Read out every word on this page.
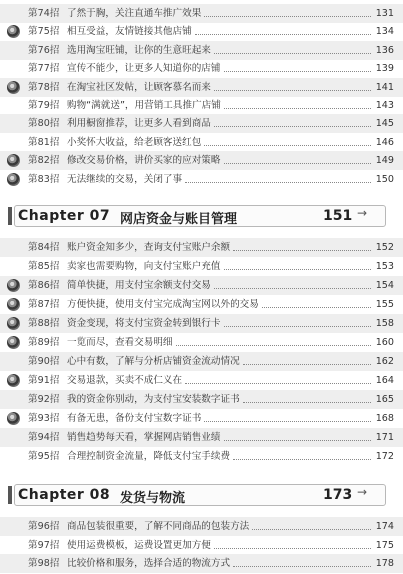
第74招 了然于胸，关注直通车推广效果	131
第75招 相互受益，友情链接其他店铺	134
第76招 选用淘宝旺铺，让你的生意旺起来	136
第77招 宣传不能少，让更多人知道你的店铺	139
第78招 在淘宝社区发帖，让顾客慕名而来	141
第79招 购物“满就送”，用营销工具推广店铺	143
第80招 利用橱窗推荐，让更多人看到商品	145
第81招 小奖怀大收益，给老顾客送红包	146
第82招 修改交易价格，讲价买家的应对策略	149
第83招 无法继续的交易，关闭了事	150
Chapter 07 网店资金与账目管理	151 →
第84招 账户资金知多少，查询支付宝账户余额	152
第85招 卖家也需要购物，向支付宝账户充值	153
第86招 简单快捷，用支付宝余额支付交易	154
第87招 方便快捷，使用支付宝完成淘宝网以外的交易	155
第88招 资金变现，将支付宝资金转到银行卡	158
第89招 一览而尽，查看交易明细	160
第90招 心中有数，了解与分析店铺资金流动情况	162
第91招 交易退款，买卖不成仁义在	164
第92招 我的资金你别动，为支付宝安装数字证书	165
第93招 有备无患，备份支付宝数字证书	168
第94招 销售趋势每天看，掌握网店销售业绩	171
第95招 合理控制资金流量，降低支付宝手续费	172
Chapter 08 发货与物流	173 →
第96招 商品包装很重要，了解不同商品的包装方法	174
第97招 使用运费模板，运费设置更加方便	175
第98招 比较价格和服务，选择合适的物流方式	178
